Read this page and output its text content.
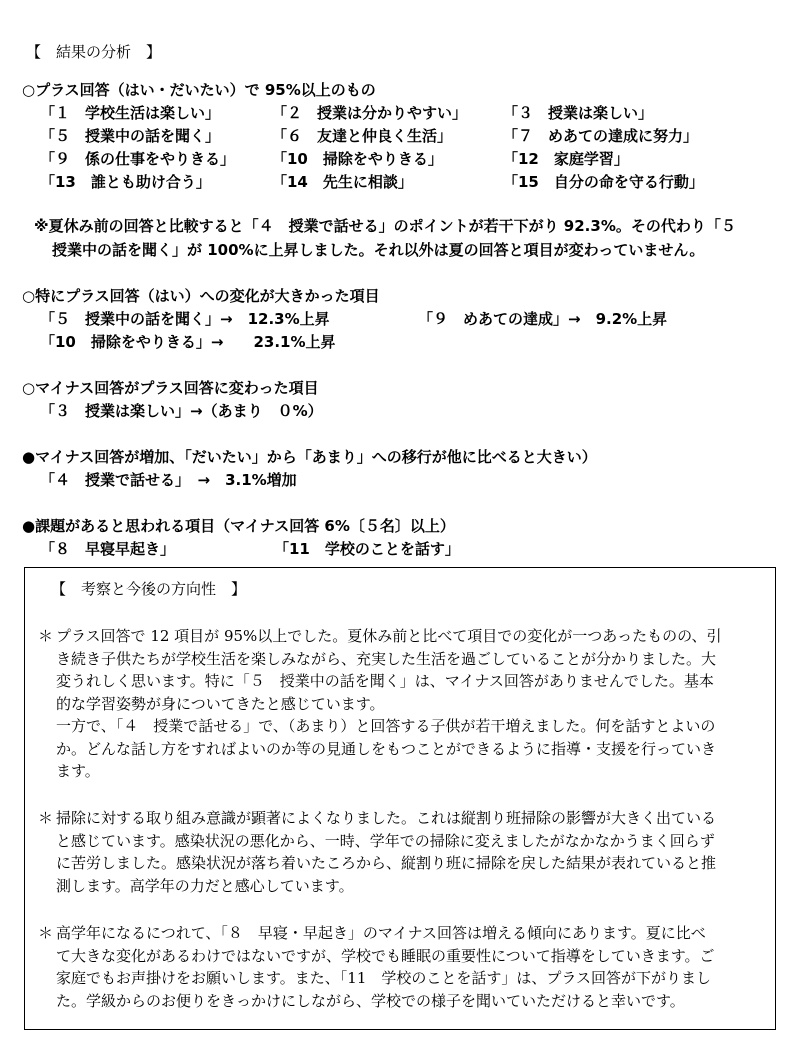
【　結果の分析　】
○プラス回答（はい・だいたい）で 95%以上のもの
「１　学校生活は楽しい」	「２　授業は分かりやすい」 「３　授業は楽しい」
「５　授業中の話を聞く」	「６　友達と仲良く生活」	「７　めあての達成に努力」
「９　係の仕事をやりきる」 「10　掃除をやりきる」	「12　家庭学習」
「13　誰とも助け合う」	「14　先生に相談」	「15　自分の命を守る行動」
※夏休み前の回答と比較すると「４　授業で話せる」のポイントが若干下がり 92.3%。その代わり「５
授業中の話を聞く」が 100%に上昇しました。それ以外は夏の回答と項目が変わっていません。
○特にプラス回答（はい）への変化が大きかった項目
「５　授業中の話を聞く」→　12.3%上昇	「９　めあての達成」→　9.2%上昇
「10　掃除をやりきる」→　　23.1%上昇
○マイナス回答がプラス回答に変わった項目
「３　授業は楽しい」→（あまり　０%）
●マイナス回答が増加、「だいたい」から「あまり」への移行が他に比べると大きい）
「４　授業で話せる」　→　3.1%増加
●課題があると思われる項目（マイナス回答 6%〔５名〕以上）
「８　早寝早起き」	「11　学校のことを話す」
【　考察と今後の方向性　】
＊ プラス回答で 12 項目が 95%以上でした。夏休み前と比べて項目での変化が一つあったものの、引
き続き子供たちが学校生活を楽しみながら、充実した生活を過ごしていることが分かりました。大
変うれしく思います。特に「５　授業中の話を聞く」は、マイナス回答がありませんでした。基本
的な学習姿勢が身についてきたと感じています。
一方で、「４　授業で話せる」で、（あまり）と回答する子供が若干増えました。何を話すとよいの
か。どんな話し方をすればよいのか等の見通しをもつことができるように指導・支援を行っていき
ます。
＊ 掃除に対する取り組み意識が顕著によくなりました。これは縦割り班掃除の影響が大きく出ている
と感じています。感染状況の悪化から、一時、学年での掃除に変えましたがなかなかうまく回らず
に苦労しました。感染状況が落ち着いたころから、縦割り班に掃除を戻した結果が表れていると推
測します。高学年の力だと感心しています。
＊ 高学年になるにつれて、「８　早寝・早起き」のマイナス回答は増える傾向にあります。夏に比べ
て大きな変化があるわけではないですが、学校でも睡眠の重要性について指導をしていきます。ご
家庭でもお声掛けをお願いします。また、「11　学校のことを話す」は、プラス回答が下がりまし
た。学級からのお便りをきっかけにしながら、学校での様子を聞いていただけると幸いです。
